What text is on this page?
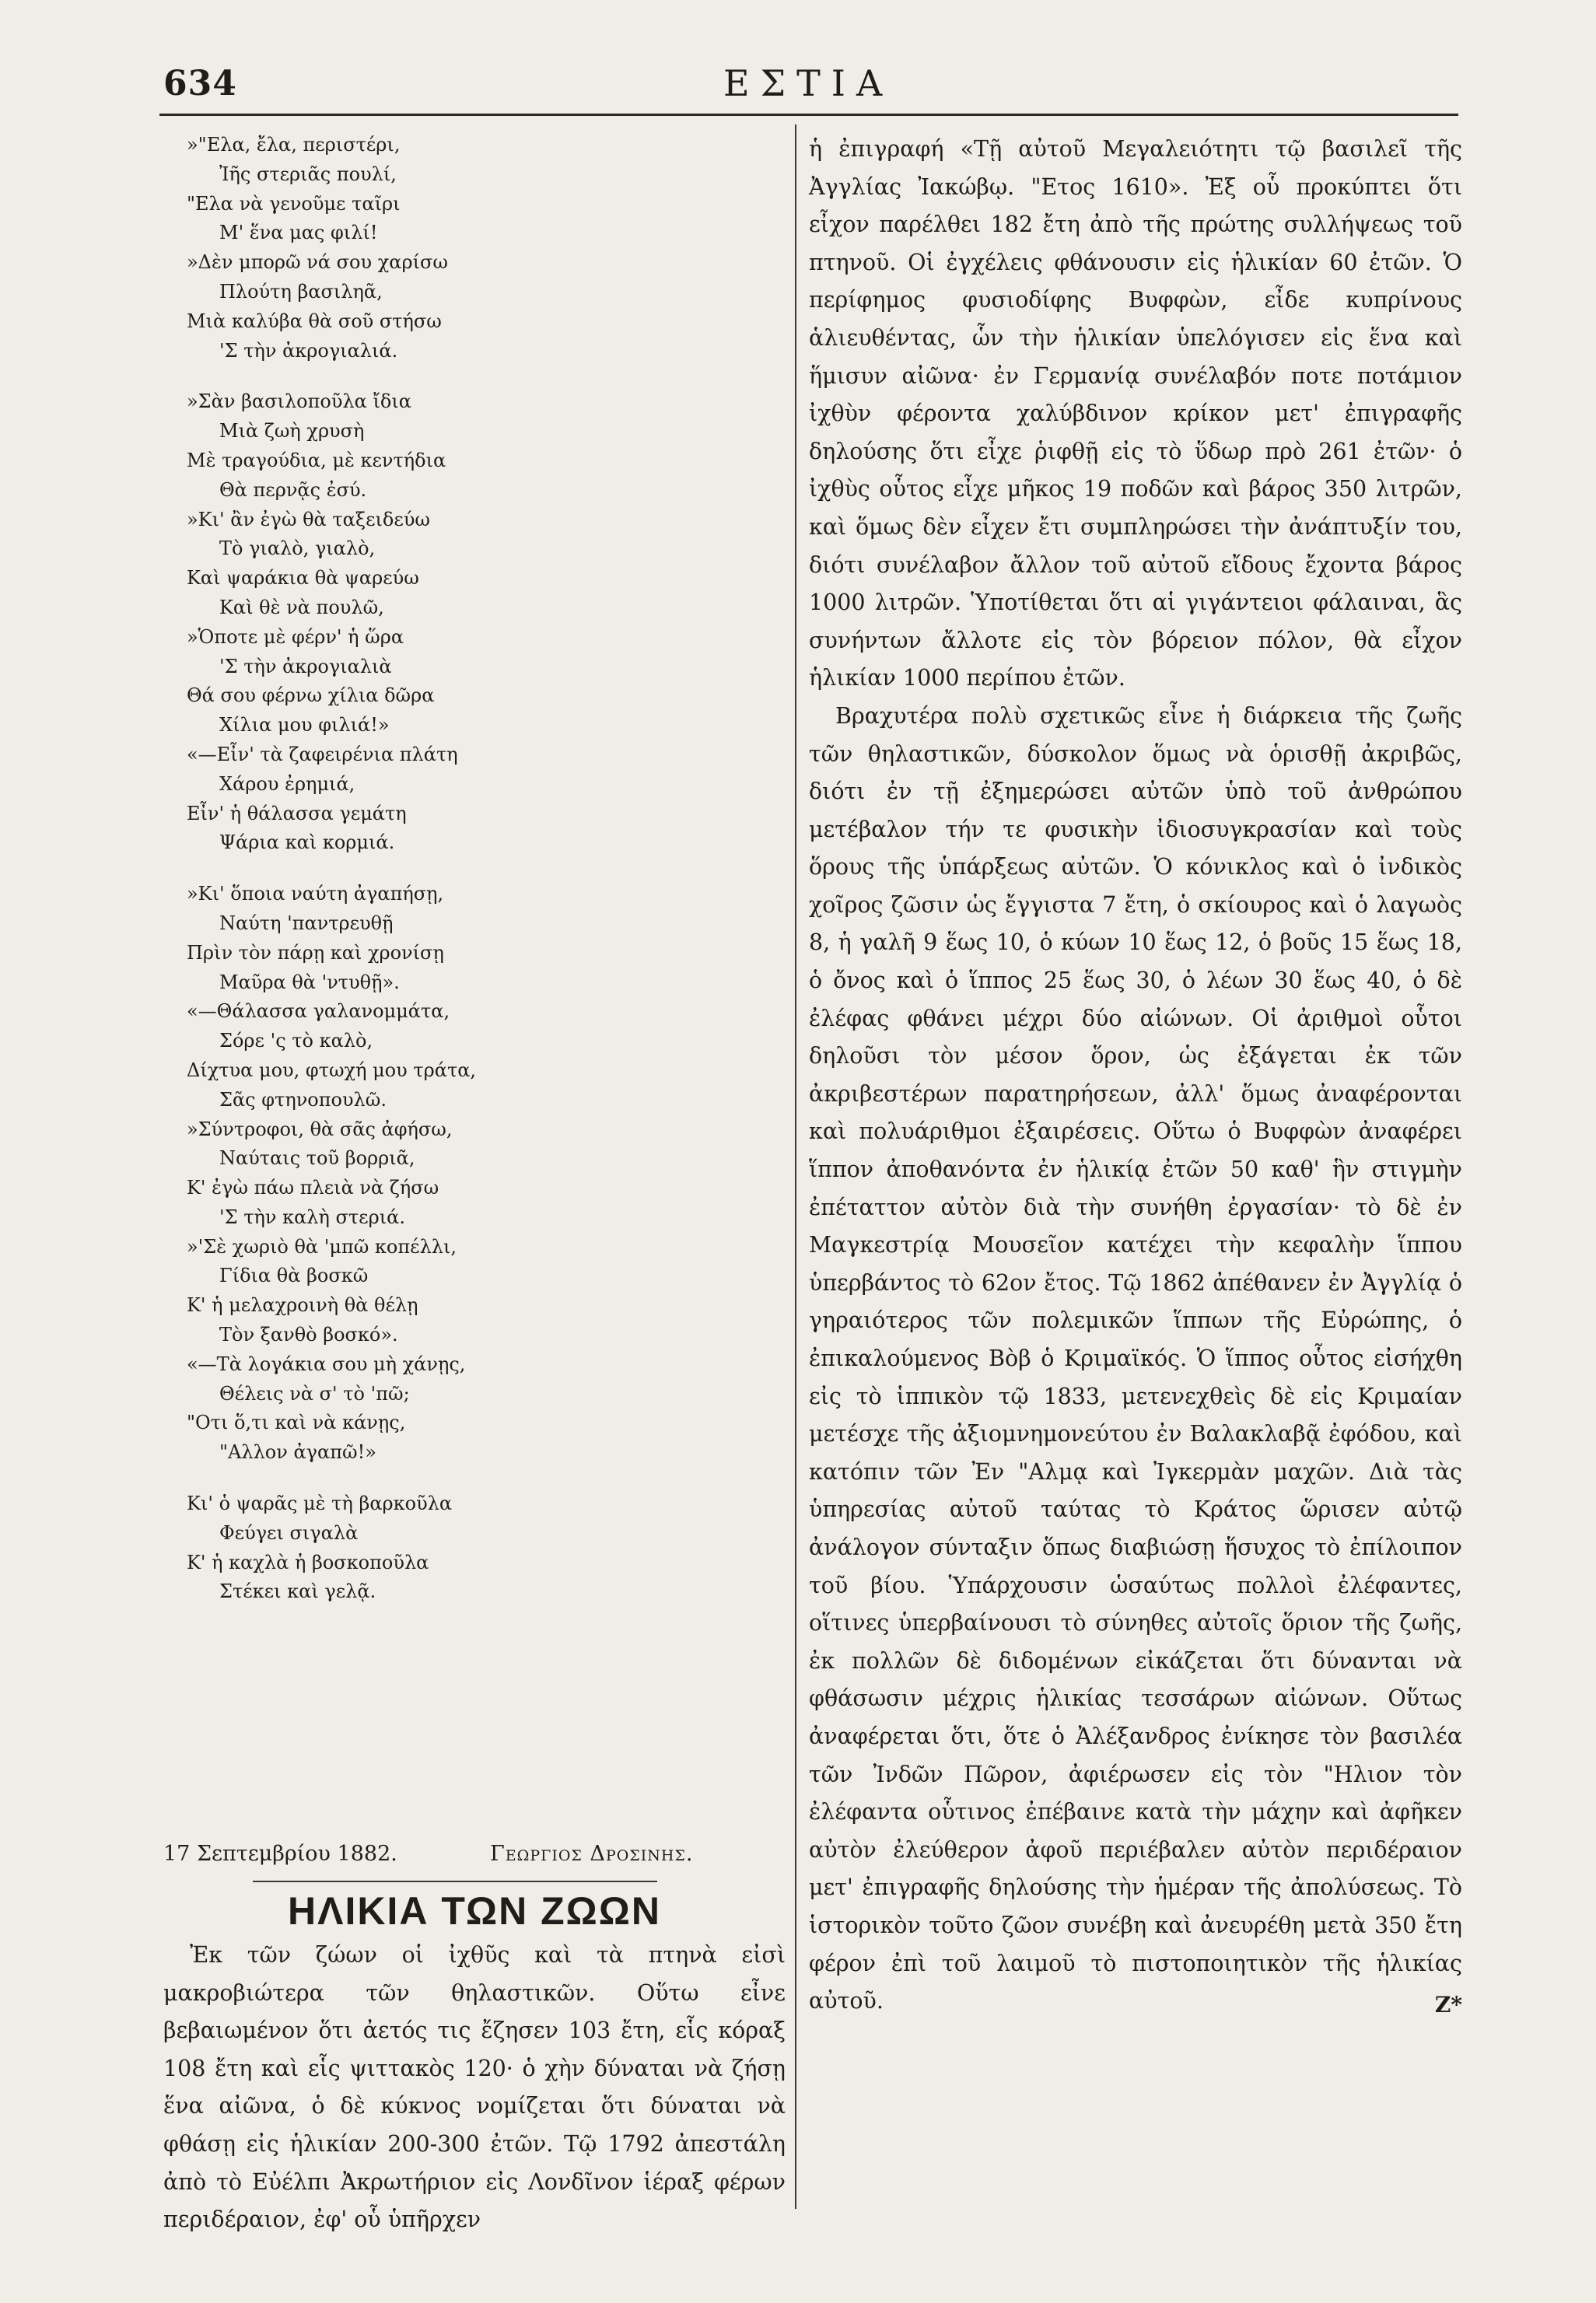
634	ΕΣΤΙΑ
»"Ελα, ἔλα, περιστέρι,
Ἰῆς στεριᾶς πουλί,
"Ελα νὰ γενοῦμε ταῖρι
Μ' ἕνα μας φιλί!
»Δὲν μπορῶ νά σου χαρίσω
Πλούτη βασιληᾶ,
Μιὰ καλύβα θὰ σοῦ στήσω
'Σ τὴν ἀκρογιαλιά.
»Σὰν βασιλοποῦλα ἴδια
Μιὰ ζωὴ χρυσὴ
Μὲ τραγούδια, μὲ κεντήδια
Θὰ περνᾷς ἐσύ.
»Κι' ἂν ἐγὼ θὰ ταξειδεύω
Τὸ γιαλὸ, γιαλὸ,
Καὶ ψαράκια θὰ ψαρεύω
Καὶ θὲ νὰ πουλῶ,
»Ὁποτε μὲ φέρν' ἡ ὥρα
'Σ τὴν ἀκρογιαλιὰ
Θά σου φέρνω χίλια δῶρα
Χίλια μου φιλιά!»
«—Εἶν' τὰ ζαφειρένια πλάτη
Χάρου ἐρημιά,
Εἶν' ἡ θάλασσα γεμάτη
Ψάρια καὶ κορμιά.
»Κι' ὅποια ναύτη ἀγαπήσῃ,
Ναύτη 'παντρευθῇ
Πρὶν τὸν πάρῃ καὶ χρονίσῃ
Μαῦρα θὰ 'ντυθῇ».
«—Θάλασσα γαλανομμάτα,
Σόρε 'ς τὸ καλὸ,
Δίχτυα μου, φτωχή μου τράτα,
Σᾶς φτηνοπουλῶ.
»Σύντροφοι, θὰ σᾶς ἀφήσω,
Ναύταις τοῦ βορριᾶ,
Κ' ἐγὼ πάω πλειὰ νὰ ζήσω
'Σ τὴν καλὴ στεριά.
»'Σὲ χωριὸ θὰ 'μπῶ κοπέλλι,
Γίδια θὰ βοσκῶ
Κ' ἡ μελαχροινὴ θὰ θέλῃ
Τὸν ξανθὸ βοσκό».
«—Τὰ λογάκια σου μὴ χάνῃς,
Θέλεις νὰ σ' τὸ 'πῶ;
"Οτι ὅ,τι καὶ νὰ κάνῃς,
"Αλλον ἀγαπῶ!»
Κι' ὁ ψαρᾶς μὲ τὴ βαρκοῦλα
Φεύγει σιγαλὰ
Κ' ἡ καχλὰ ἡ βοσκοποῦλα
Στέκει καὶ γελᾷ.
17 Σεπτεμβρίου 1882.	Γεωργιος Δροσινης.
ΗΛΙΚΙΑ ΤΩΝ ΖΩΩΝ

Ἐκ τῶν ζώων οἱ ἰχθῦς καὶ τὰ πτηνὰ εἰσὶ μακροβιώτερα τῶν θηλαστικῶν. Οὕτω εἶνε βεβαιωμένον ὅτι ἀετός τις ἔζησεν 103 ἔτη, εἷς κόραξ 108 ἔτη καὶ εἷς ψιττακὸς 120· ὁ χὴν δύναται νὰ ζήσῃ ἕνα αἰῶνα, ὁ δὲ κύκνος νομίζεται ὅτι δύναται νὰ φθάσῃ εἰς ἡλικίαν 200-300 ἐτῶν. Τῷ 1792 ἀπεστάλη ἀπὸ τὸ Εὐέλπι Ἀκρωτήριον εἰς Λονδῖνον ἱέραξ φέρων περιδέραιον, ἐφ' οὗ ὑπῆρχεν

ἡ ἐπιγραφή «Τῇ αὐτοῦ Μεγαλειότητι τῷ βασιλεῖ τῆς Ἀγγλίας Ἰακώβῳ. "Ετος 1610». Ἐξ οὗ προκύπτει ὅτι εἶχον παρέλθει 182 ἔτη ἀπὸ τῆς πρώτης συλλήψεως τοῦ πτηνοῦ. Οἱ ἐγχέλεις φθάνουσιν εἰς ἡλικίαν 60 ἐτῶν. Ὁ περίφημος φυσιοδίφης Βυφφὼν, εἶδε κυπρίνους ἁλιευθέντας, ὧν τὴν ἡλικίαν ὑπελόγισεν εἰς ἕνα καὶ ἥμισυν αἰῶνα· ἐν Γερμανίᾳ συνέλαβόν ποτε ποτάμιον ἰχθὺν φέροντα χαλύβδινον κρίκον μετ' ἐπιγραφῆς δηλούσης ὅτι εἶχε ῥιφθῇ εἰς τὸ ὕδωρ πρὸ 261 ἐτῶν· ὁ ἰχθὺς οὗτος εἶχε μῆκος 19 ποδῶν καὶ βάρος 350 λιτρῶν, καὶ ὅμως δὲν εἶχεν ἔτι συμπληρώσει τὴν ἀνάπτυξίν του, διότι συνέλαβον ἄλλον τοῦ αὐτοῦ εἴδους ἔχοντα βάρος 1000 λιτρῶν. Ὑποτίθεται ὅτι αἱ γιγάντειοι φάλαιναι, ἃς συνήντων ἄλλοτε εἰς τὸν βόρειον πόλον, θὰ εἶχον ἡλικίαν 1000 περίπου ἐτῶν.

Βραχυτέρα πολὺ σχετικῶς εἶνε ἡ διάρκεια τῆς ζωῆς τῶν θηλαστικῶν, δύσκολον ὅμως νὰ ὁρισθῇ ἀκριβῶς, διότι ἐν τῇ ἐξημερώσει αὐτῶν ὑπὸ τοῦ ἀνθρώπου μετέβαλον τήν τε φυσικὴν ἰδιοσυγκρασίαν καὶ τοὺς ὅρους τῆς ὑπάρξεως αὐτῶν. Ὁ κόνικλος καὶ ὁ ἰνδικὸς χοῖρος ζῶσιν ὡς ἔγγιστα 7 ἔτη, ὁ σκίουρος καὶ ὁ λαγωὸς 8, ἡ γαλῆ 9 ἕως 10, ὁ κύων 10 ἕως 12, ὁ βοῦς 15 ἕως 18, ὁ ὄνος καὶ ὁ ἵππος 25 ἕως 30, ὁ λέων 30 ἕως 40, ὁ δὲ ἐλέφας φθάνει μέχρι δύο αἰώνων. Οἱ ἀριθμοὶ οὗτοι δηλοῦσι τὸν μέσον ὅρον, ὡς ἐξάγεται ἐκ τῶν ἀκριβεστέρων παρατηρήσεων, ἀλλ' ὅμως ἀναφέρονται καὶ πολυάριθμοι ἐξαιρέσεις. Οὕτω ὁ Βυφφὼν ἀναφέρει ἵππον ἀποθανόντα ἐν ἡλικίᾳ ἐτῶν 50 καθ' ἣν στιγμὴν ἐπέταττον αὐτὸν διὰ τὴν συνήθη ἐργασίαν· τὸ δὲ ἐν Μαγκεστρίᾳ Μουσεῖον κατέχει τὴν κεφαλὴν ἵππου ὑπερβάντος τὸ 62ον ἔτος. Τῷ 1862 ἀπέθανεν ἐν Ἀγγλίᾳ ὁ γηραιότερος τῶν πολεμικῶν ἵππων τῆς Εὐρώπης, ὁ ἐπικαλούμενος Βὸβ ὁ Κριμαϊκός. Ὁ ἵππος οὗτος εἰσήχθη εἰς τὸ ἱππικὸν τῷ 1833, μετενεχθεὶς δὲ εἰς Κριμαίαν μετέσχε τῆς ἀξιομνημονεύτου ἐν Βαλακλαβᾷ ἐφόδου, καὶ κατόπιν τῶν Ἐν "Αλμᾳ καὶ Ἰγκερμὰν μαχῶν. Διὰ τὰς ὑπηρεσίας αὐτοῦ ταύτας τὸ Κράτος ὥρισεν αὐτῷ ἀνάλογον σύνταξιν ὅπως διαβιώσῃ ἥσυχος τὸ ἐπίλοιπον τοῦ βίου. Ὑπάρχουσιν ὡσαύτως πολλοὶ ἐλέφαντες, οἵτινες ὑπερβαίνουσι τὸ σύνηθες αὐτοῖς ὅριον τῆς ζωῆς, ἐκ πολλῶν δὲ διδομένων εἰκάζεται ὅτι δύνανται νὰ φθάσωσιν μέχρις ἡλικίας τεσσάρων αἰώνων. Οὕτως ἀναφέρεται ὅτι, ὅτε ὁ Ἀλέξανδρος ἐνίκησε τὸν βασιλέα τῶν Ἰνδῶν Πῶρον, ἀφιέρωσεν εἰς τὸν "Ηλιον τὸν ἐλέφαντα οὗτινος ἐπέβαινε κατὰ τὴν μάχην καὶ ἀφῆκεν αὐτὸν ἐλεύθερον ἀφοῦ περιέβαλεν αὐτὸν περιδέραιον μετ' ἐπιγραφῆς δηλούσης τὴν ἡμέραν τῆς ἀπολύσεως. Τὸ ἱστορικὸν τοῦτο ζῶον συνέβη καὶ ἀνευρέθη μετὰ 350 ἔτη φέρον ἐπὶ τοῦ λαιμοῦ τὸ πιστοποιητικὸν τῆς ἡλικίας αὐτοῦ.	Ζ*
